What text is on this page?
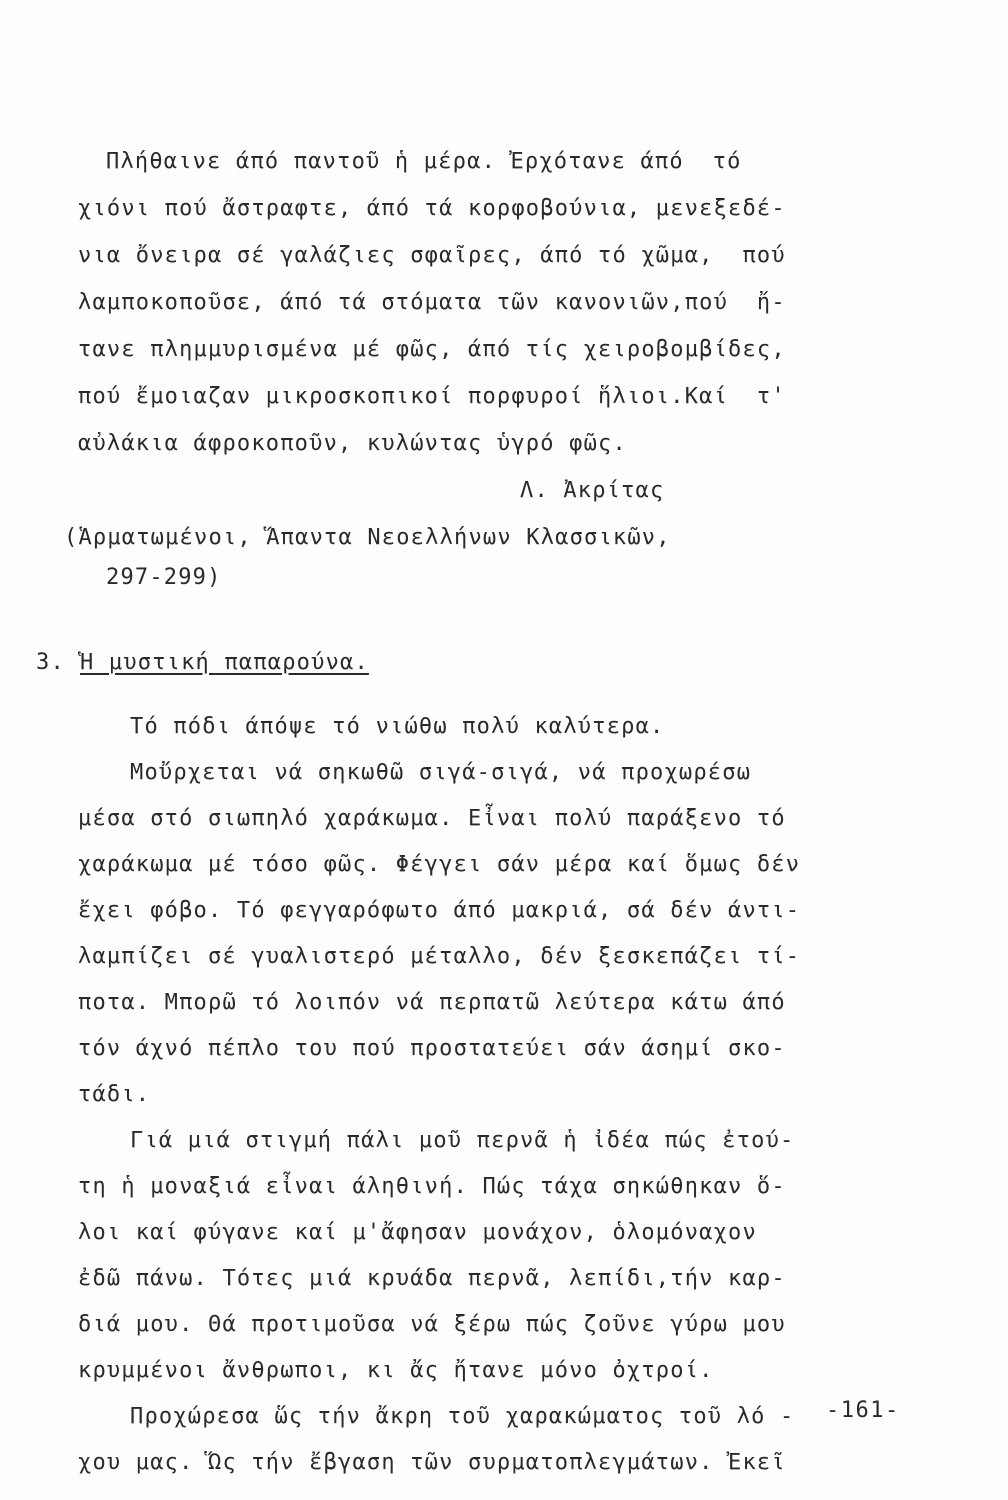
Πλήθαινε άπό παντοῦ ἡ μέρα. Ἐρχότανε άπό  τό
χιόνι πού ἄστραφτε, άπό τά κορφοβούνια, μενεξεδέ-
νια ὄνειρα σέ γαλάζιες σφαῖρες, άπό τό χῶμα,  πού
λαμποκοποῦσε, άπό τά στόματα τῶν κανονιῶν,πού  ἤ-
τανε πλημμυρισμένα μέ φῶς, άπό τίς χειροβομβίδες,
πού ἔμοιαζαν μικροσκοπικοί πορφυροί ἥλιοι.Καί  τ'
αὐλάκια άφροκοποῦν, κυλώντας ὑγρό φῶς.
Λ. Ἀκρίτας
(Ἁρματωμένοι, Ἅπαντα Νεοελλήνων Κλασσικῶν,
297-299)
3. Ἡ μυστική παπαρούνα.
Τό πόδι άπόψε τό νιώθω πολύ καλύτερα.
Μοὔρχεται νά σηκωθῶ σιγά-σιγά, νά προχωρέσω
μέσα στό σιωπηλό χαράκωμα. Εἶναι πολύ παράξενο τό
χαράκωμα μέ τόσο φῶς. Φέγγει σάν μέρα καί ὅμως δέν
ἔχει φόβο. Τό φεγγαρόφωτο άπό μακριά, σά δέν άντι-
λαμπίζει σέ γυαλιστερό μέταλλο, δέν ξεσκεπάζει τί-
ποτα. Μπορῶ τό λοιπόν νά περπατῶ λεύτερα κάτω άπό
τόν άχνό πέπλο του πού προστατεύει σάν άσημί σκο-
τάδι.
Γιά μιά στιγμή πάλι μοῦ περνᾶ ἡ ἰδέα πώς ἐτού-
τη ἡ μοναξιά εἶναι άληθινή. Πώς τάχα σηκώθηκαν ὅ-
λοι καί φύγανε καί μ'ἄφησαν μονάχον, ὁλομόναχον
ἐδῶ πάνω. Τότες μιά κρυάδα περνᾶ, λεπίδι,τήν καρ-
διά μου. Θά προτιμοῦσα νά ξέρω πώς ζοῦνε γύρω μου
κρυμμένοι ἄνθρωποι, κι ἄς ἤτανε μόνο ὀχτροί.
Προχώρεσα ὥς τήν ἄκρη τοῦ χαρακώματος τοῦ λό -
χου μας. Ὥς τήν ἔβγαση τῶν συρματοπλεγμάτων. Ἐκεῖ
-161-
